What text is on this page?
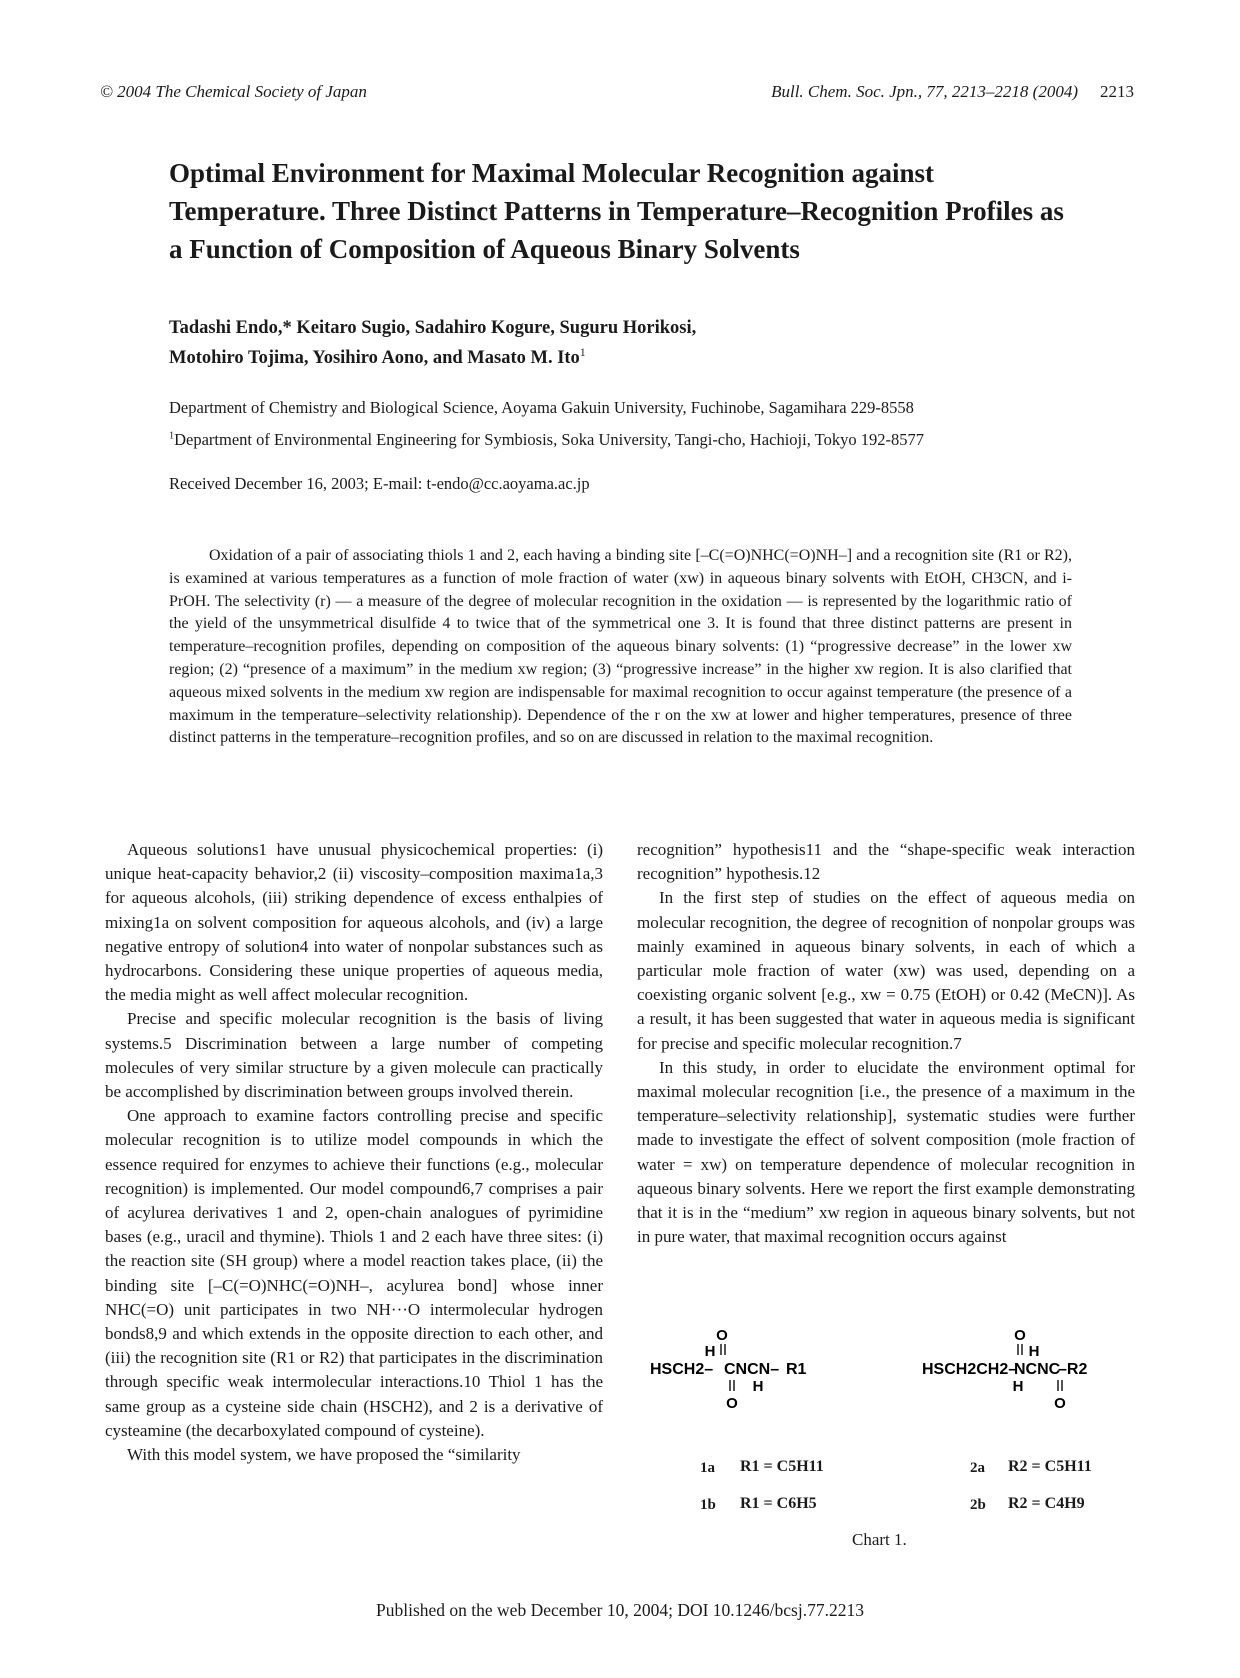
© 2004 The Chemical Society of Japan	Bull. Chem. Soc. Jpn., 77, 2213–2218 (2004) 2213
Optimal Environment for Maximal Molecular Recognition against Temperature. Three Distinct Patterns in Temperature–Recognition Profiles as a Function of Composition of Aqueous Binary Solvents
Tadashi Endo,* Keitaro Sugio, Sadahiro Kogure, Suguru Horikosi,
Motohiro Tojima, Yosihiro Aono, and Masato M. Ito$^1$
Department of Chemistry and Biological Science, Aoyama Gakuin University, Fuchinobe, Sagamihara 229-8558
$^1$Department of Environmental Engineering for Symbiosis, Soka University, Tangi-cho, Hachioji, Tokyo 192-8577
Received December 16, 2003; E-mail: t-endo@cc.aoyama.ac.jp
Oxidation of a pair of associating thiols 1 and 2, each having a binding site [–C(=O)NHC(=O)NH–] and a recognition site (R1 or R2), is examined at various temperatures as a function of mole fraction of water (xw) in aqueous binary solvents with EtOH, CH3CN, and i-PrOH. The selectivity (r) — a measure of the degree of molecular recognition in the oxidation — is represented by the logarithmic ratio of the yield of the unsymmetrical disulfide 4 to twice that of the symmetrical one 3. It is found that three distinct patterns are present in temperature–recognition profiles, depending on composition of the aqueous binary solvents: (1) “progressive decrease” in the lower xw region; (2) “presence of a maximum” in the medium xw region; (3) “progressive increase” in the higher xw region. It is also clarified that aqueous mixed solvents in the medium xw region are indispensable for maximal recognition to occur against temperature (the presence of a maximum in the temperature–selectivity relationship). Dependence of the r on the xw at lower and higher temperatures, presence of three distinct patterns in the temperature–recognition profiles, and so on are discussed in relation to the maximal recognition.

Aqueous solutions1 have unusual physicochemical properties: (i) unique heat-capacity behavior,2 (ii) viscosity–composition maxima1a,3 for aqueous alcohols, (iii) striking dependence of excess enthalpies of mixing1a on solvent composition for aqueous alcohols, and (iv) a large negative entropy of solution4 into water of nonpolar substances such as hydrocarbons. Considering these unique properties of aqueous media, the media might as well affect molecular recognition.

Precise and specific molecular recognition is the basis of living systems.5 Discrimination between a large number of competing molecules of very similar structure by a given molecule can practically be accomplished by discrimination between groups involved therein.

One approach to examine factors controlling precise and specific molecular recognition is to utilize model compounds in which the essence required for enzymes to achieve their functions (e.g., molecular recognition) is implemented. Our model compound6,7 comprises a pair of acylurea derivatives 1 and 2, open-chain analogues of pyrimidine bases (e.g., uracil and thymine). Thiols 1 and 2 each have three sites: (i) the reaction site (SH group) where a model reaction takes place, (ii) the binding site [–C(=O)NHC(=O)NH–, acylurea bond] whose inner NHC(=O) unit participates in two NH···O intermolecular hydrogen bonds8,9 and which extends in the opposite direction to each other, and (iii) the recognition site (R1 or R2) that participates in the discrimination through specific weak intermolecular interactions.10 Thiol 1 has the same group as a cysteine side chain (HSCH2), and 2 is a derivative of cysteamine (the decarboxylated compound of cysteine).

With this model system, we have proposed the “similarity

recognition” hypothesis11 and the “shape-specific weak interaction recognition” hypothesis.12

In the first step of studies on the effect of aqueous media on molecular recognition, the degree of recognition of nonpolar groups was mainly examined in aqueous binary solvents, in each of which a particular mole fraction of water (xw) was used, depending on a coexisting organic solvent [e.g., xw = 0.75 (EtOH) or 0.42 (MeCN)]. As a result, it has been suggested that water in aqueous media is significant for precise and specific molecular recognition.7

In this study, in order to elucidate the environment optimal for maximal molecular recognition [i.e., the presence of a maximum in the temperature–selectivity relationship], systematic studies were further made to investigate the effect of solvent composition (mole fraction of water = xw) on temperature dependence of molecular recognition in aqueous binary solvents. Here we report the first example demonstrating that it is in the “medium” xw region in aqueous binary solvents, but not in pure water, that maximal recognition occurs against

O
H
HSCH2– CNCN– R1
H
O
O
H
HSCH2CH2–
NCNC
–R2
H
O
1a R1 = C5H11
1b R1 = C6H5
2a R2 = C5H11
2b R2 = C4H9
Chart 1.
Published on the web December 10, 2004; DOI 10.1246/bcsj.77.2213
